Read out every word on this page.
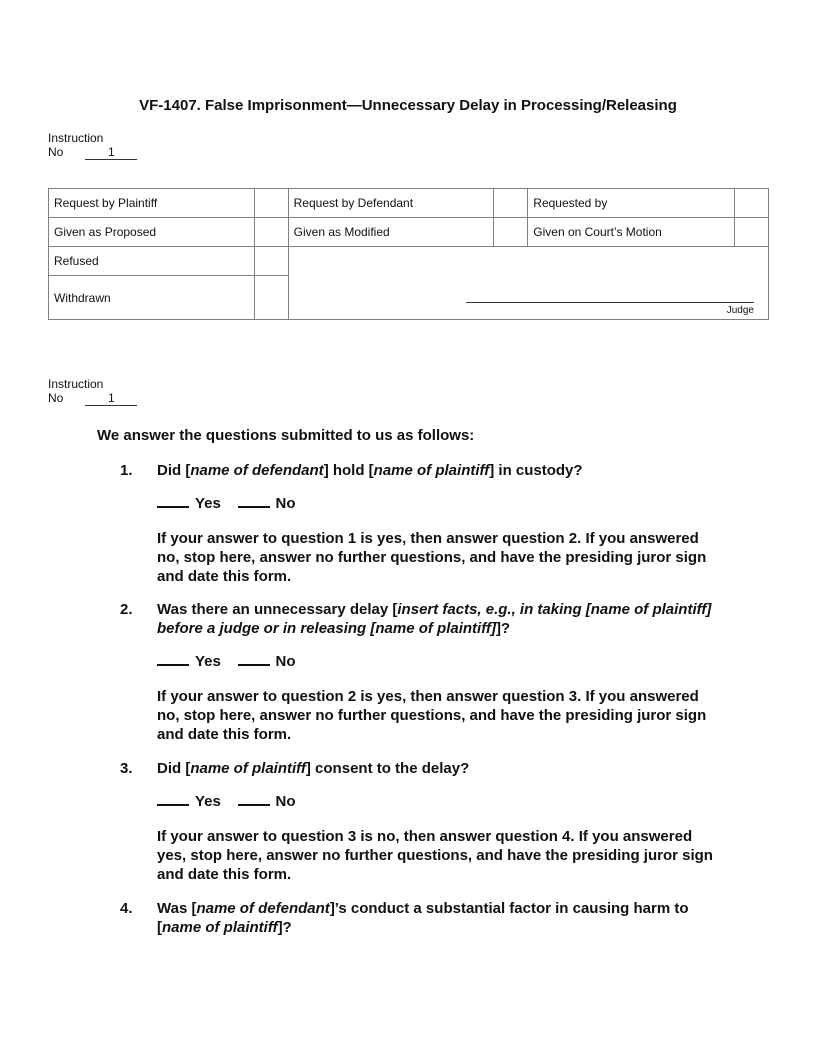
VF-1407. False Imprisonment—Unnecessary Delay in Processing/Releasing
Instruction
No	1
Request by Plaintiff		Request by Defendant		Requested by	
Given as Proposed		Given as Modified		Given on Court’s Motion	
Refused		Judge			

Withdrawn					
Instruction
No	1
We answer the questions submitted to us as follows:
1.	Did [name of defendant] hold [name of plaintiff] in custody?
Yes	No
If your answer to question 1 is yes, then answer question 2. If you answered no, stop here, answer no further questions, and have the presiding juror sign and date this form.
2.	Was there an unnecessary delay [insert facts, e.g., in taking [name of plaintiff] before a judge or in releasing [name of plaintiff]]?
Yes	No
If your answer to question 2 is yes, then answer question 3. If you answered no, stop here, answer no further questions, and have the presiding juror sign and date this form.
3.	Did [name of plaintiff] consent to the delay?
Yes	No
If your answer to question 3 is no, then answer question 4. If you answered yes, stop here, answer no further questions, and have the presiding juror sign and date this form.
4.	Was [name of defendant]’s conduct a substantial factor in causing harm to [name of plaintiff]?
